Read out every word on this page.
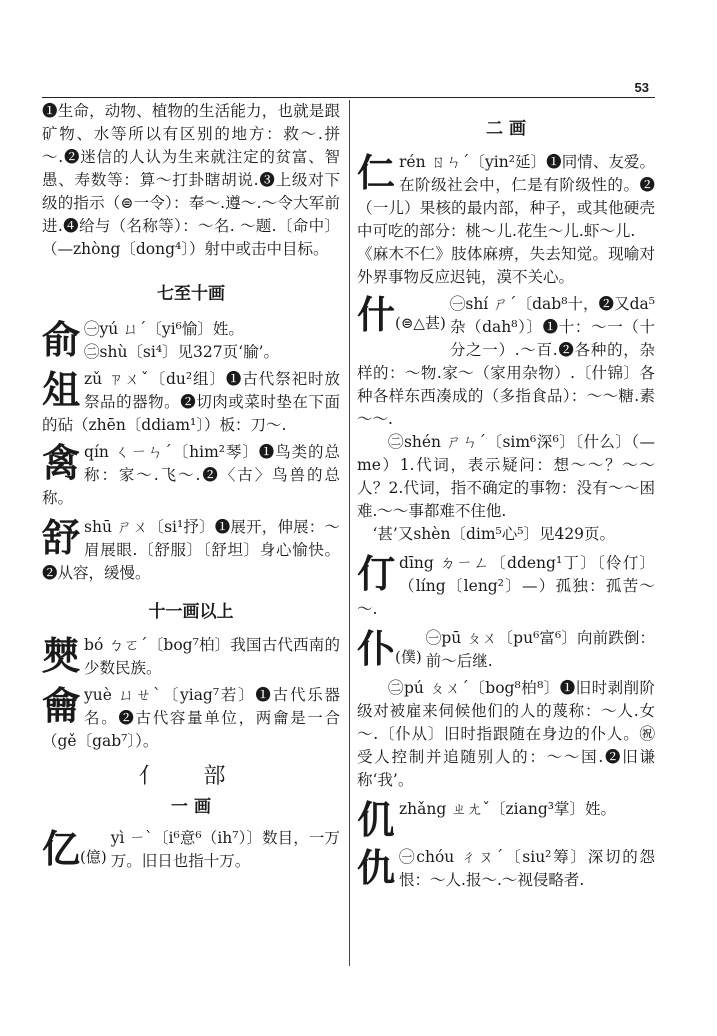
53

❶生命，动物、植物的生活能力，也就是跟矿物、水等所以有区别的地方：救～.拼～.❷迷信的人认为生来就注定的贫富、智愚、寿数等：算～打卦瞎胡说.❸上级对下级的指示（⊜一令）：奉～.遵～.～令大军前进.❹给与（名称等）：～名. ～题.〔命中〕（—zhòng〔dong⁴〕）射中或击中目标。

七至十画
俞 ㊀yú ㄩˊ〔yi⁶愉〕姓。
㊁shù〔si⁴〕见327页‘腧’。
俎 zǔ ㄗㄨˇ〔du²组〕❶古代祭祀时放祭品的器物。❷切肉或菜时垫在下面的砧（zhēn〔ddiam¹〕）板：刀～.
禽 qín ㄑㄧㄣˊ〔him²琴〕❶鸟类的总称：家～.飞～.❷〈古〉鸟兽的总称。
舒 shū ㄕㄨ〔si¹抒〕❶展开，伸展：～眉展眼.〔舒服〕〔舒坦〕身心愉快。❷从容，缓慢。
十一画以上
僰 bó ㄅㄛˊ〔bog⁷柏〕我国古代西南的少数民族。
龠 yuè ㄩㄝˋ〔yiag⁷若〕❶古代乐器名。❷古代容量单位，两龠是一合（gě〔gab⁷〕）。
亻 部
一 画
亿(億)
yì ㄧˋ〔i⁶意⁶（ih⁷）〕数目，一万万。旧日也指十万。
二 画
仁 rén ㄖㄣˊ〔yin²延〕❶同情、友爱。在阶级社会中，仁是有阶级性的。❷（一儿）果核的最内部，种子，或其他硬壳中可吃的部分：桃～儿.花生～儿.虾～儿.

《麻木不仁》肢体麻痹，失去知觉。现喻对外界事物反应迟钝，漠不关心。

什(⊜△甚)
㊀shí ㄕˊ〔dab⁸十，❷又da⁵杂（dah⁸）〕❶十：～一（十分之一）.～百.❷各种的，杂样的：～物.家～（家用杂物）.〔什锦〕各种各样东西凑成的（多指食品）：～～糖.素～～.

㊁shén ㄕㄣˊ〔sim⁶深⁶〕〔什么〕（—me）1.代词，表示疑问：想～～？～～人？2.代词，指不确定的事物：没有～～困难.～～事都难不住他.

‘甚’又shèn〔dim⁵心⁵〕见429页。

仃 dīng ㄉㄧㄥ〔ddeng¹丁〕〔伶仃〕（líng〔leng²〕—）孤独：孤苦～～.
仆(僕)
㊀pū ㄆㄨ〔pu⁶富⁶〕向前跌倒：前～后继.

㊁pú ㄆㄨˊ〔bog⁸柏⁸〕❶旧时剥削阶级对被雇来伺候他们的人的蔑称：～人.女～.〔仆从〕旧时指跟随在身边的仆人。㊗受人控制并追随别人的：～～国.❷旧谦称‘我’。

仉 zhǎng ㄓㄤˇ〔ziang³掌〕姓。
仇 ㊀chóu ㄔㄡˊ〔siu²筹〕深切的怨恨：～人.报～.～视侵略者.
